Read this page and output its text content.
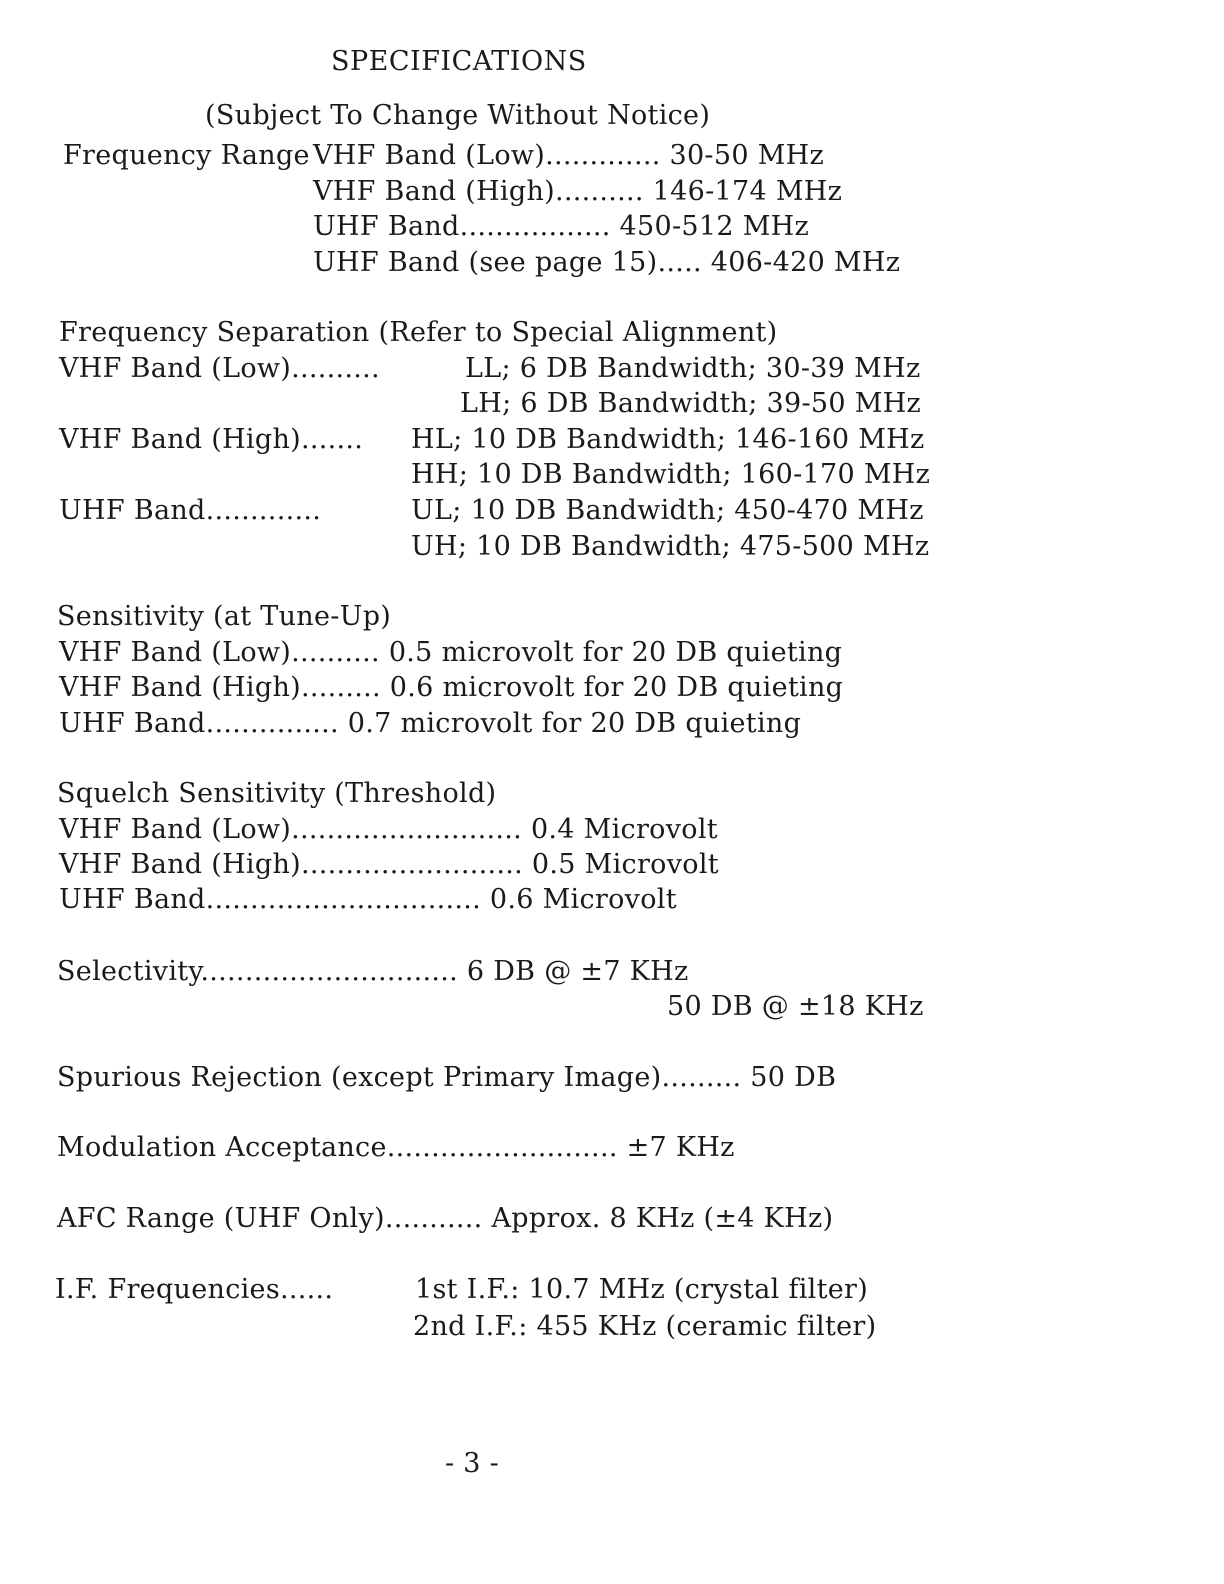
SPECIFICATIONS
(Subject To Change Without Notice)
Frequency Range VHF Band (Low)............. 30-50 MHz
VHF Band (High).......... 146-174 MHz
UHF Band................. 450-512 MHz
UHF Band (see page 15)..... 406-420 MHz
Frequency Separation (Refer to Special Alignment)
VHF Band (Low)..........	LL; 6 DB Bandwidth; 30-39 MHz
LH; 6 DB Bandwidth; 39-50 MHz
VHF Band (High)....... HL; 10 DB Bandwidth; 146-160 MHz
HH; 10 DB Bandwidth; 160-170 MHz
UHF Band.............	UL; 10 DB Bandwidth; 450-470 MHz
UH; 10 DB Bandwidth; 475-500 MHz
Sensitivity (at Tune-Up)
VHF Band (Low).......... 0.5 microvolt for 20 DB quieting
VHF Band (High)......... 0.6 microvolt for 20 DB quieting
UHF Band............... 0.7 microvolt for 20 DB quieting
Squelch Sensitivity (Threshold)
VHF Band (Low).......................... 0.4 Microvolt
VHF Band (High)......................... 0.5 Microvolt
UHF Band............................... 0.6 Microvolt
Selectivity............................. 6 DB @ ±7 KHz
50 DB @ ±18 KHz
Spurious Rejection (except Primary Image)......... 50 DB
Modulation Acceptance.......................... ±7 KHz
AFC Range (UHF Only)........... Approx. 8 KHz (±4 KHz)
I.F. Frequencies......	1st I.F.: 10.7 MHz (crystal filter)
2nd I.F.: 455 KHz (ceramic filter)
- 3 -
